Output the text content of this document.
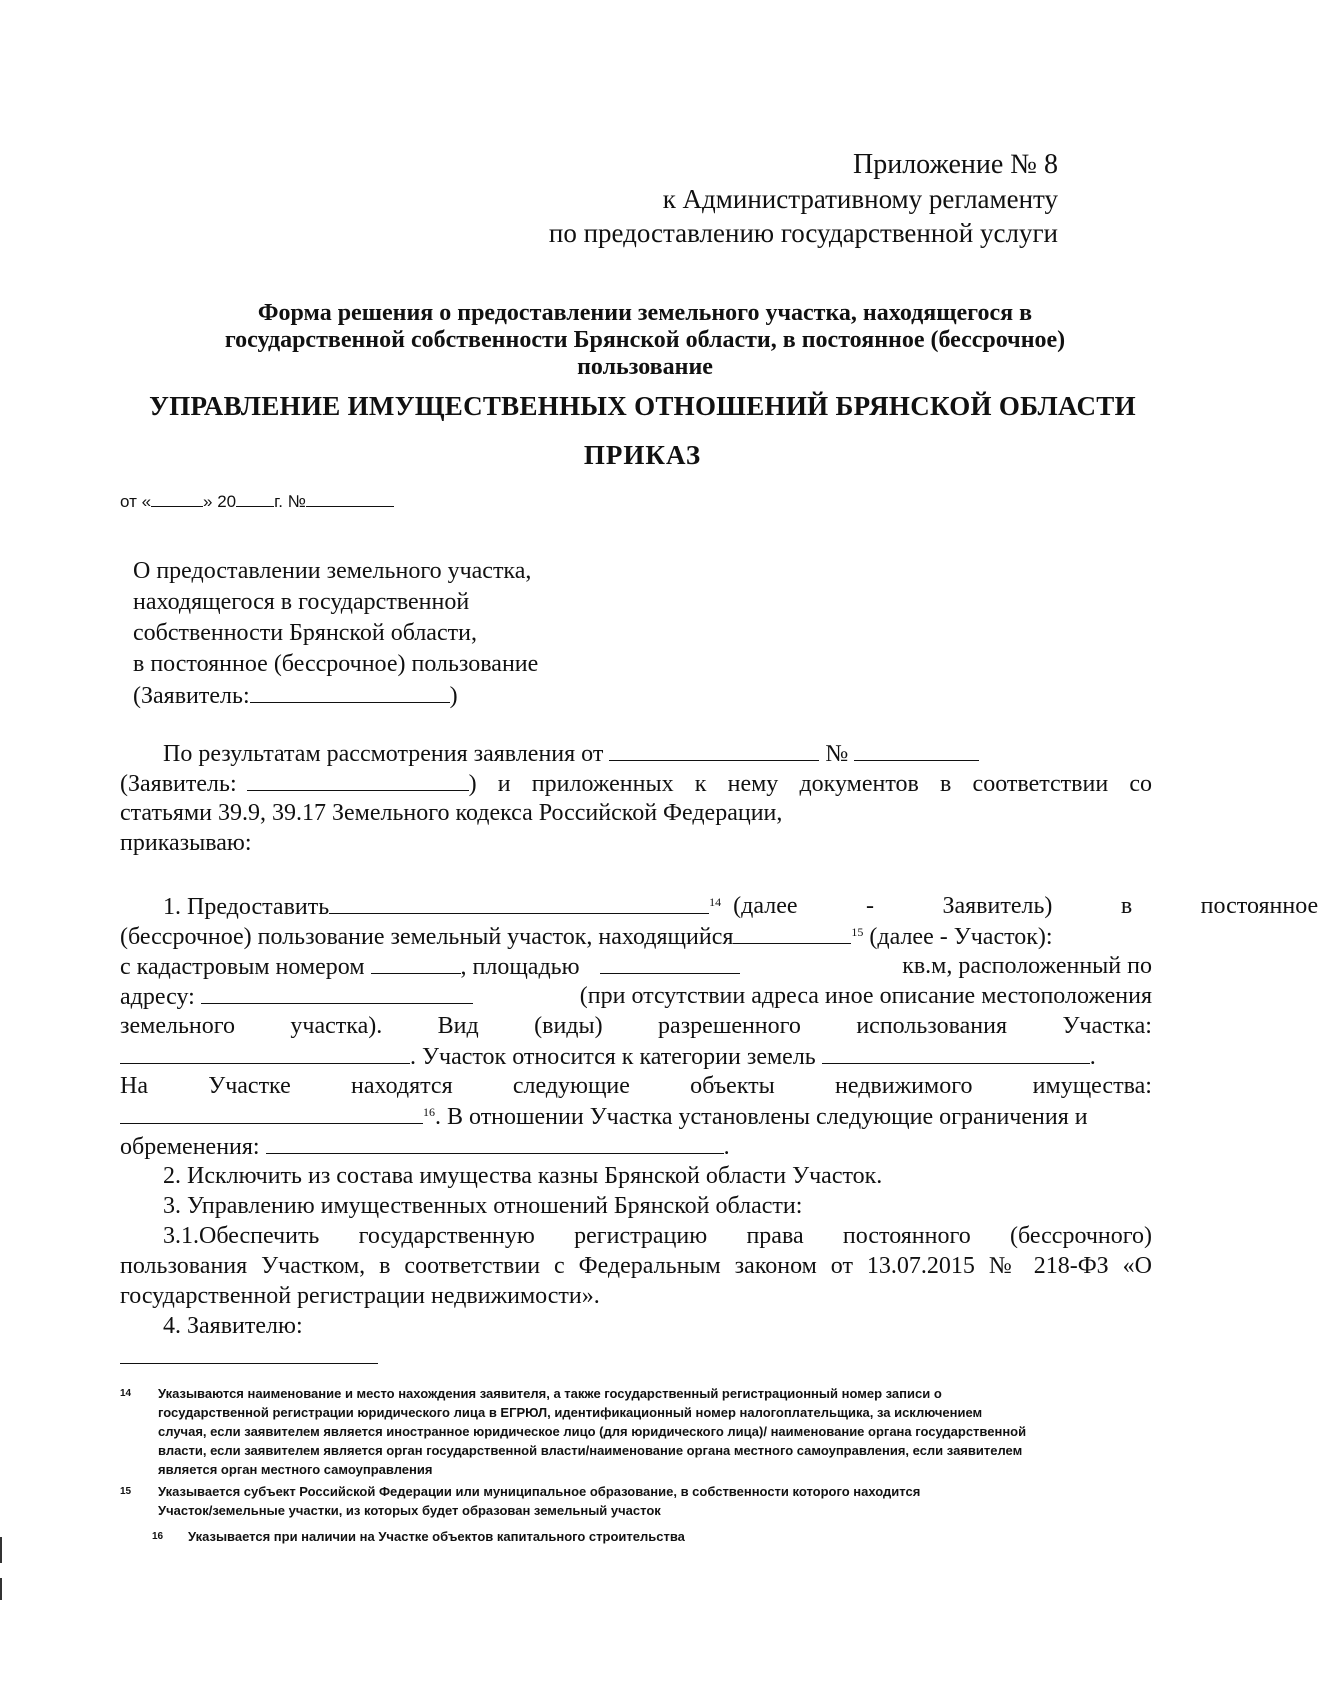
Приложение № 8
к Административному регламенту
по предоставлению государственной услуги
Форма решения о предоставлении земельного участка, находящегося в
государственной собственности Брянской области, в постоянное (бессрочное)
пользование
УПРАВЛЕНИЕ ИМУЩЕСТВЕННЫХ ОТНОШЕНИЙ БРЯНСКОЙ ОБЛАСТИ
ПРИКАЗ
от «	» 20 г. №
О предоставлении земельного участка,
находящегося в государственной
собственности Брянской области,
в постоянное (бессрочное) пользование
(Заявитель:	)
По результатам рассмотрения заявления от	№
(Заявитель:	) и приложенных к нему документов в соответствии со
статьями 39.9, 39.17 Земельного кодекса Российской Федерации,
приказываю:
1. Предоставить	$^{14}$ (далее - Заявитель) в постоянное
(бессрочное) пользование земельный участок, находящийся	$^{15}$ (далее - Участок):
с кадастровым номером	, площадью	кв.м, расположенный по
адресу:	(при отсутствии адреса иное описание местоположения
земельного участка). Вид (виды) разрешенного использования Участка:
. Участок относится к категории земель	.
На	Участке	находятся	следующие	объекты	недвижимого	имущества:
$^{16}$. В отношении Участка установлены следующие ограничения и
обременения:	.
2. Исключить из состава имущества казны Брянской области Участок.
3. Управлению имущественных отношений Брянской области:
3.1.Обеспечить государственную регистрацию права постоянного (бессрочного)
пользования Участком, в соответствии с Федеральным законом от 13.07.2015 № 218-ФЗ «О
государственной регистрации недвижимости».
4. Заявителю:
14 Указываются наименование и место нахождения заявителя, а также государственный регистрационный номер записи о
государственной регистрации юридического лица в ЕГРЮЛ, идентификационный номер налогоплательщика, за исключением
случая, если заявителем является иностранное юридическое лицо (для юридического лица)/ наименование органа государственной
власти, если заявителем является орган государственной власти/наименование органа местного самоуправления, если заявителем
является орган местного самоуправления
15 Указывается субъект Российской Федерации или муниципальное образование, в собственности которого находится
Участок/земельные участки, из которых будет образован земельный участок
16 Указывается при наличии на Участке объектов капитального строительства
